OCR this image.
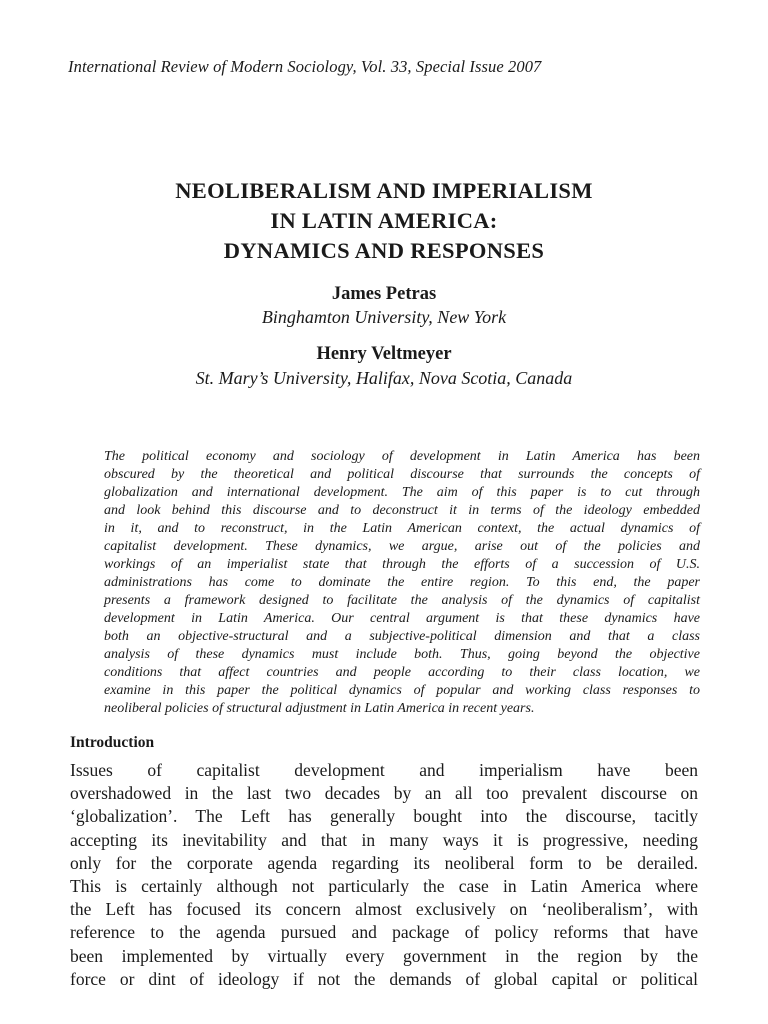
International Review of Modern Sociology, Vol. 33, Special Issue 2007
NEOLIBERALISM AND IMPERIALISM
IN LATIN AMERICA:
DYNAMICS AND RESPONSES
James Petras
Binghamton University, New York
Henry Veltmeyer
St. Mary’s University, Halifax, Nova Scotia, Canada
The political economy and sociology of development in Latin America has been
obscured by the theoretical and political discourse that surrounds the concepts of
globalization and international development. The aim of this paper is to cut through
and look behind this discourse and to deconstruct it in terms of the ideology embedded
in it, and to reconstruct, in the Latin American context, the actual dynamics of
capitalist development. These dynamics, we argue, arise out of the policies and
workings of an imperialist state that through the efforts of a succession of U.S.
administrations has come to dominate the entire region. To this end, the paper
presents a framework designed to facilitate the analysis of the dynamics of capitalist
development in Latin America. Our central argument is that these dynamics have
both an objective-structural and a subjective-political dimension and that a class
analysis of these dynamics must include both. Thus, going beyond the objective
conditions that affect countries and people according to their class location, we
examine in this paper the political dynamics of popular and working class responses to
neoliberal policies of structural adjustment in Latin America in recent years.
Introduction
Issues of capitalist development and imperialism have been
overshadowed in the last two decades by an all too prevalent discourse on
‘globalization’. The Left has generally bought into the discourse, tacitly
accepting its inevitability and that in many ways it is progressive, needing
only for the corporate agenda regarding its neoliberal form to be derailed.
This is certainly although not particularly the case in Latin America where
the Left has focused its concern almost exclusively on ‘neoliberalism’, with
reference to the agenda pursued and package of policy reforms that have
been implemented by virtually every government in the region by the
force or dint of ideology if not the demands of global capital or political
